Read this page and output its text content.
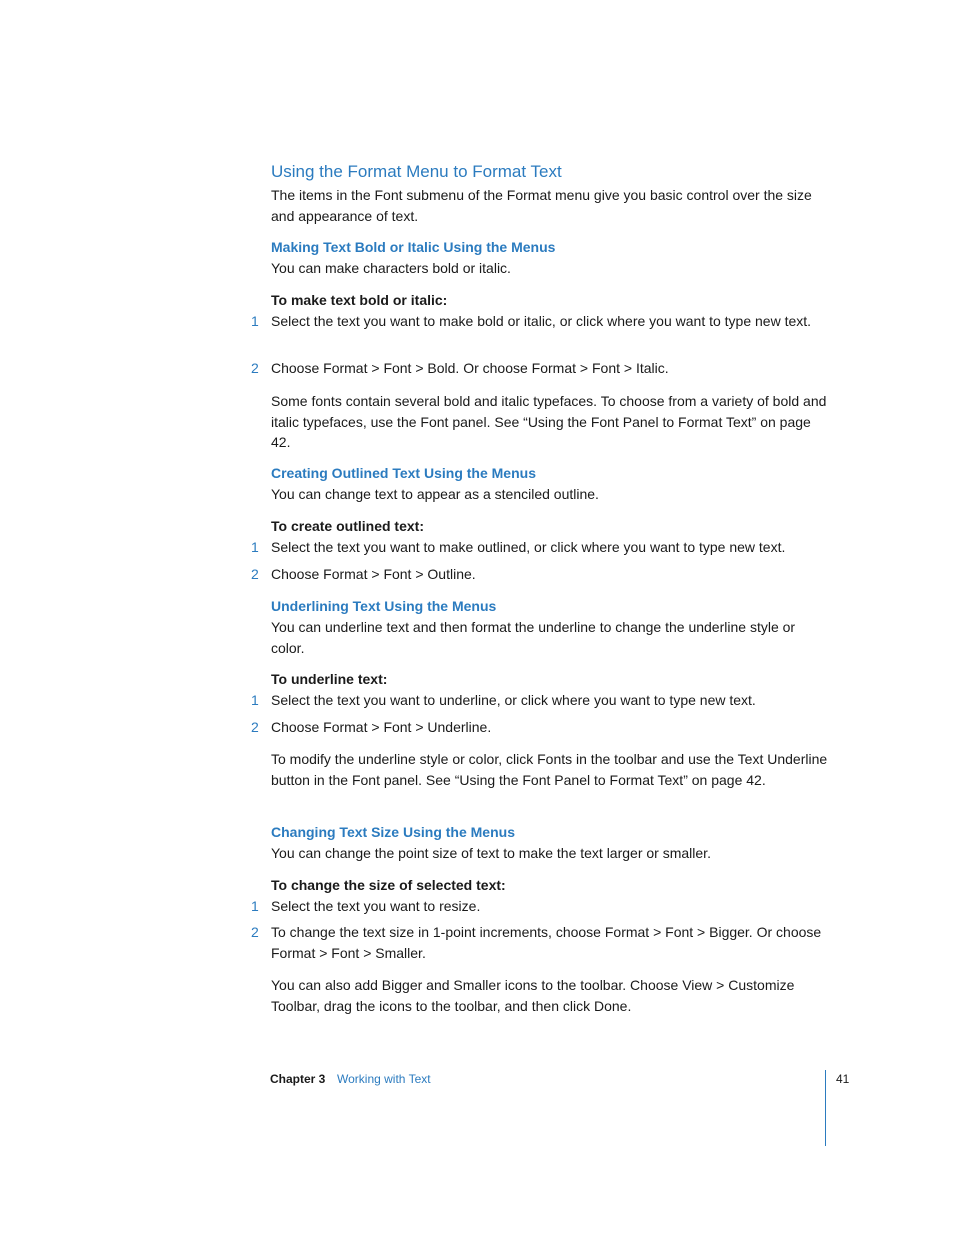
Using the Format Menu to Format Text
The items in the Font submenu of the Format menu give you basic control over the size and appearance of text.
Making Text Bold or Italic Using the Menus
You can make characters bold or italic.
To make text bold or italic:
1 Select the text you want to make bold or italic, or click where you want to type new text.
2 Choose Format > Font > Bold. Or choose Format > Font > Italic.
Some fonts contain several bold and italic typefaces. To choose from a variety of bold and italic typefaces, use the Font panel. See “Using the Font Panel to Format Text” on page 42.
Creating Outlined Text Using the Menus
You can change text to appear as a stenciled outline.
To create outlined text:
1 Select the text you want to make outlined, or click where you want to type new text.
2 Choose Format > Font > Outline.
Underlining Text Using the Menus
You can underline text and then format the underline to change the underline style or color.
To underline text:
1 Select the text you want to underline, or click where you want to type new text.
2 Choose Format > Font > Underline.
To modify the underline style or color, click Fonts in the toolbar and use the Text Underline button in the Font panel. See “Using the Font Panel to Format Text” on page 42.
Changing Text Size Using the Menus
You can change the point size of text to make the text larger or smaller.
To change the size of selected text:
1 Select the text you want to resize.
2 To change the text size in 1-point increments, choose Format > Font > Bigger. Or choose Format > Font > Smaller.
You can also add Bigger and Smaller icons to the toolbar. Choose View > Customize Toolbar, drag the icons to the toolbar, and then click Done.
Chapter 3 Working with Text	41
